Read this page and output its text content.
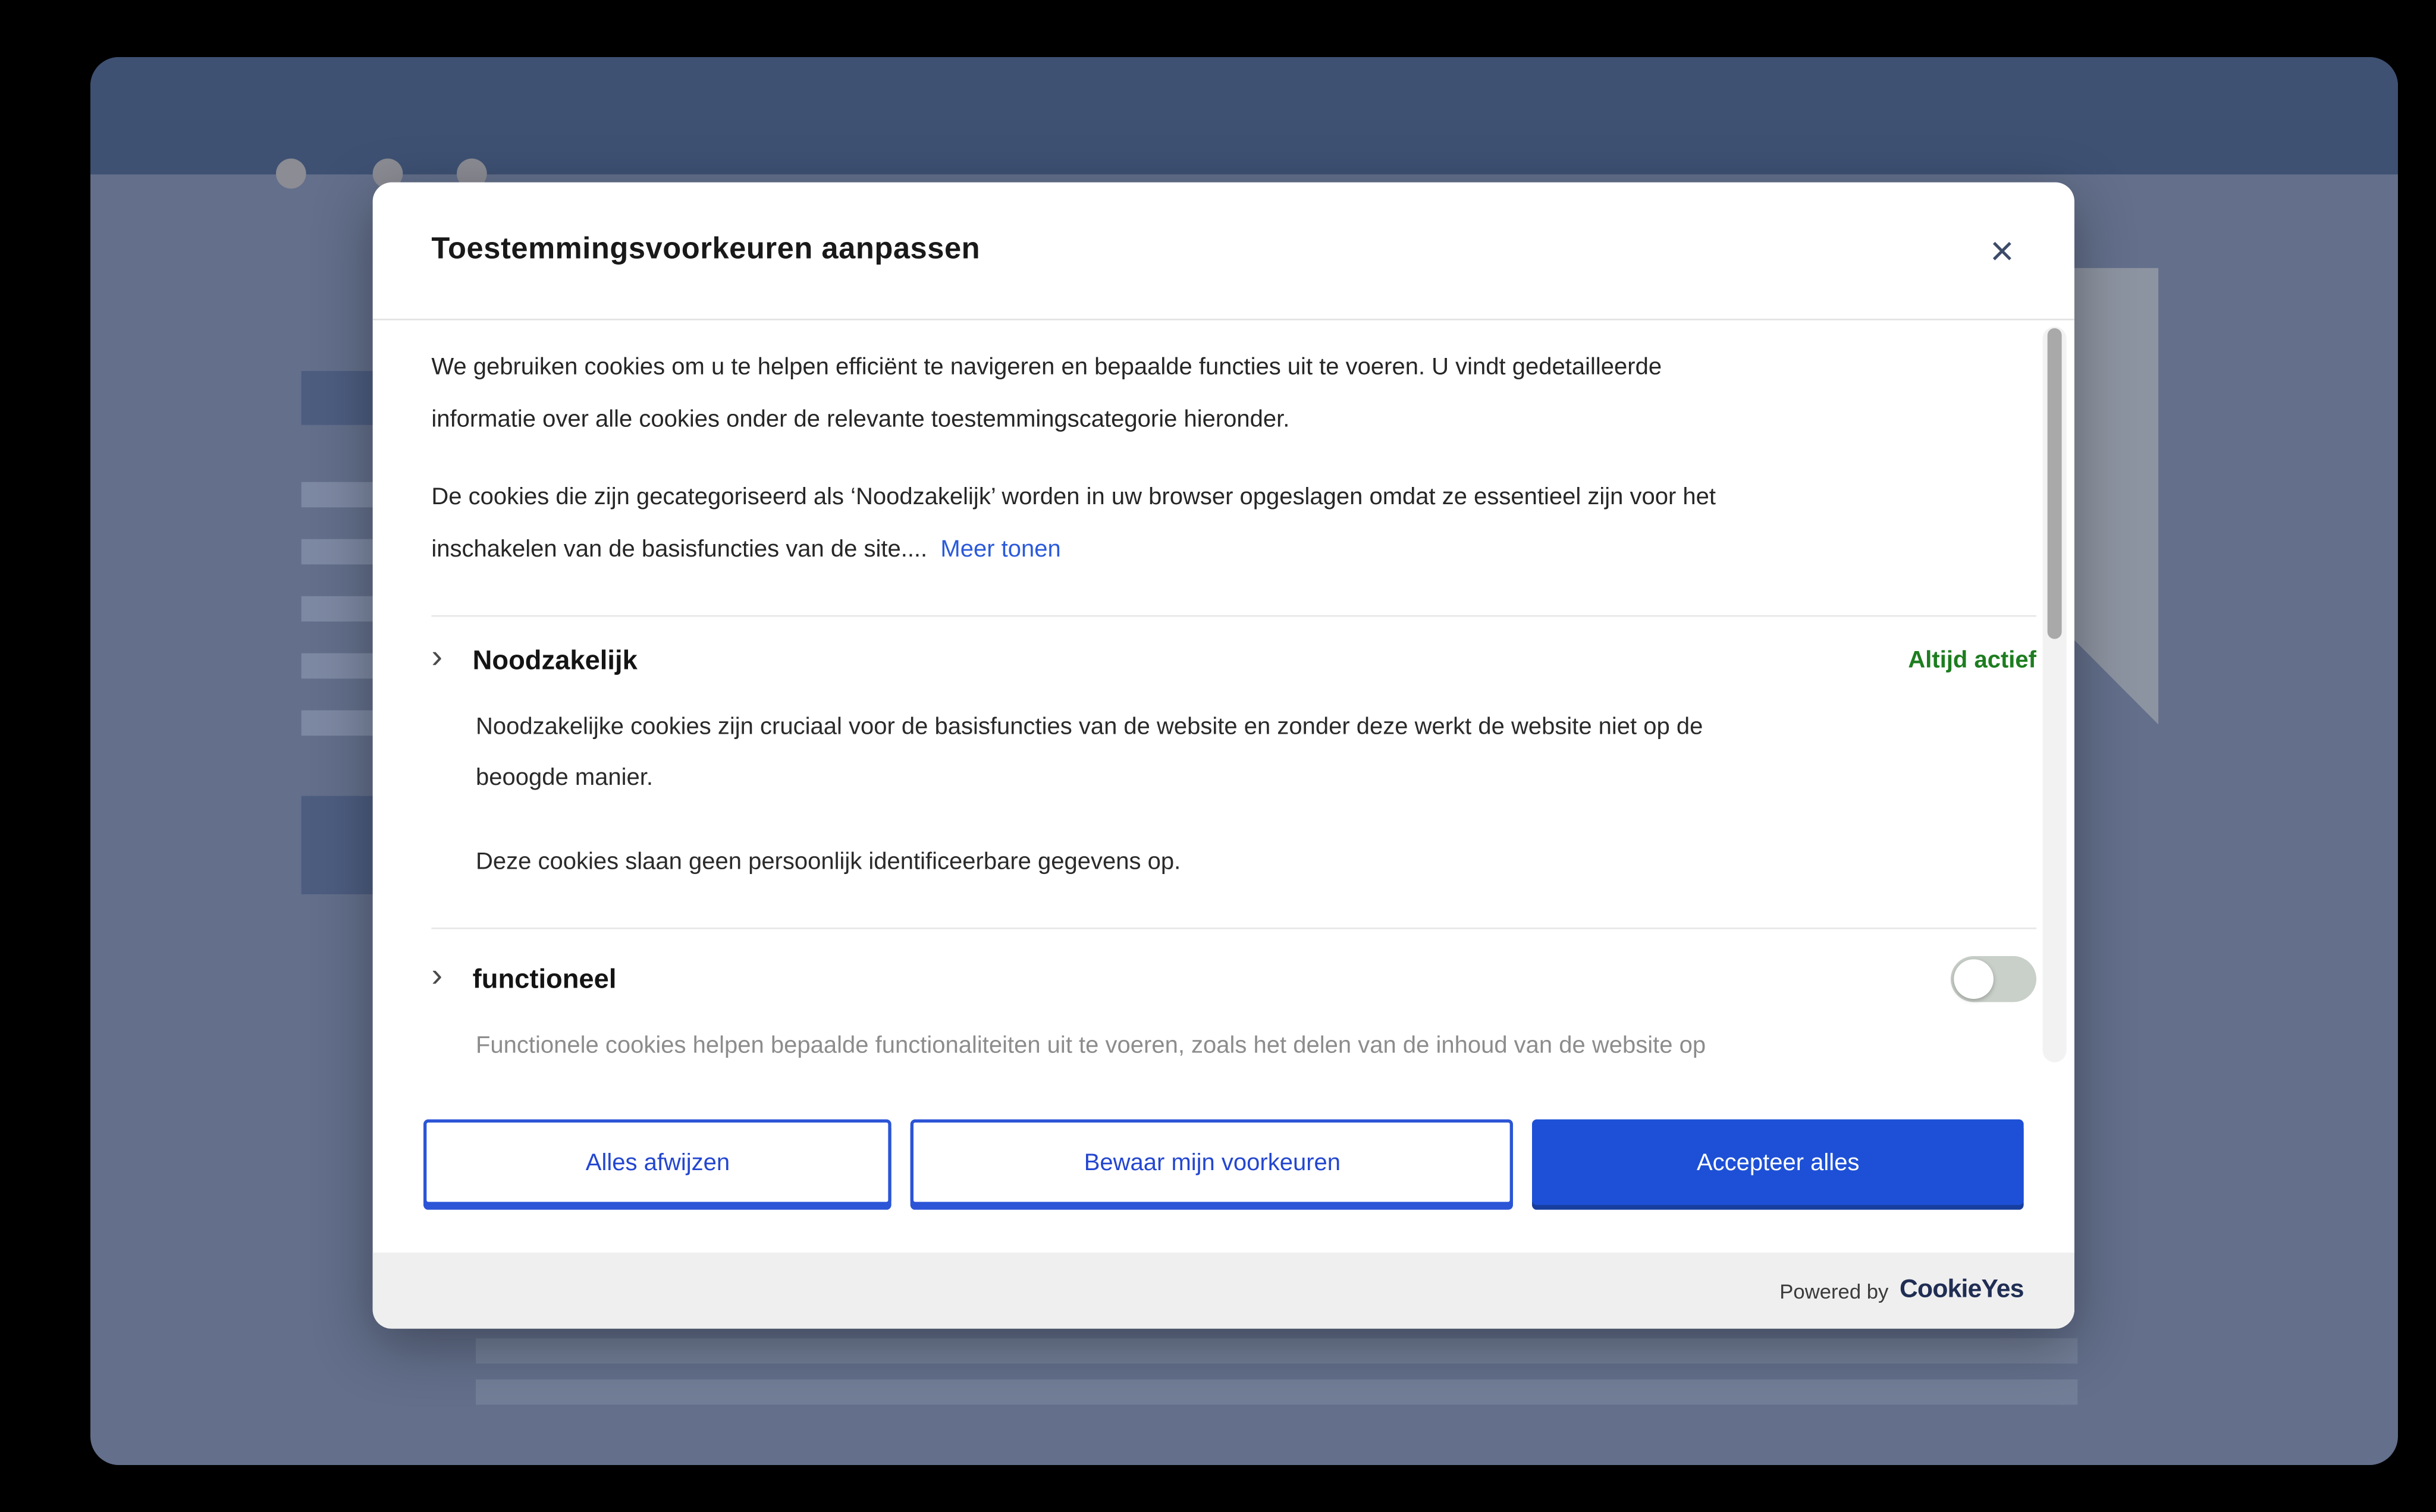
Toestemmingsvoorkeuren aanpassen	×
We gebruiken cookies om u te helpen efficiënt te navigeren en bepaalde functies uit te voeren. U vindt gedetailleerde
informatie over alle cookies onder de relevante toestemmingscategorie hieronder.
De cookies die zijn gecategoriseerd als ‘Noodzakelijk’ worden in uw browser opgeslagen omdat ze essentieel zijn voor het
inschakelen van de basisfuncties van de site.... Meer tonen
›	Noodzakelijk	Altijd actief
Noodzakelijke cookies zijn cruciaal voor de basisfuncties van de website en zonder deze werkt de website niet op de
beoogde manier.
Deze cookies slaan geen persoonlijk identificeerbare gegevens op.
›	functioneel
Functionele cookies helpen bepaalde functionaliteiten uit te voeren, zoals het delen van de inhoud van de website op
Alles afwijzen	Bewaar mijn voorkeuren	Accepteer alles
Powered by CookieYes
